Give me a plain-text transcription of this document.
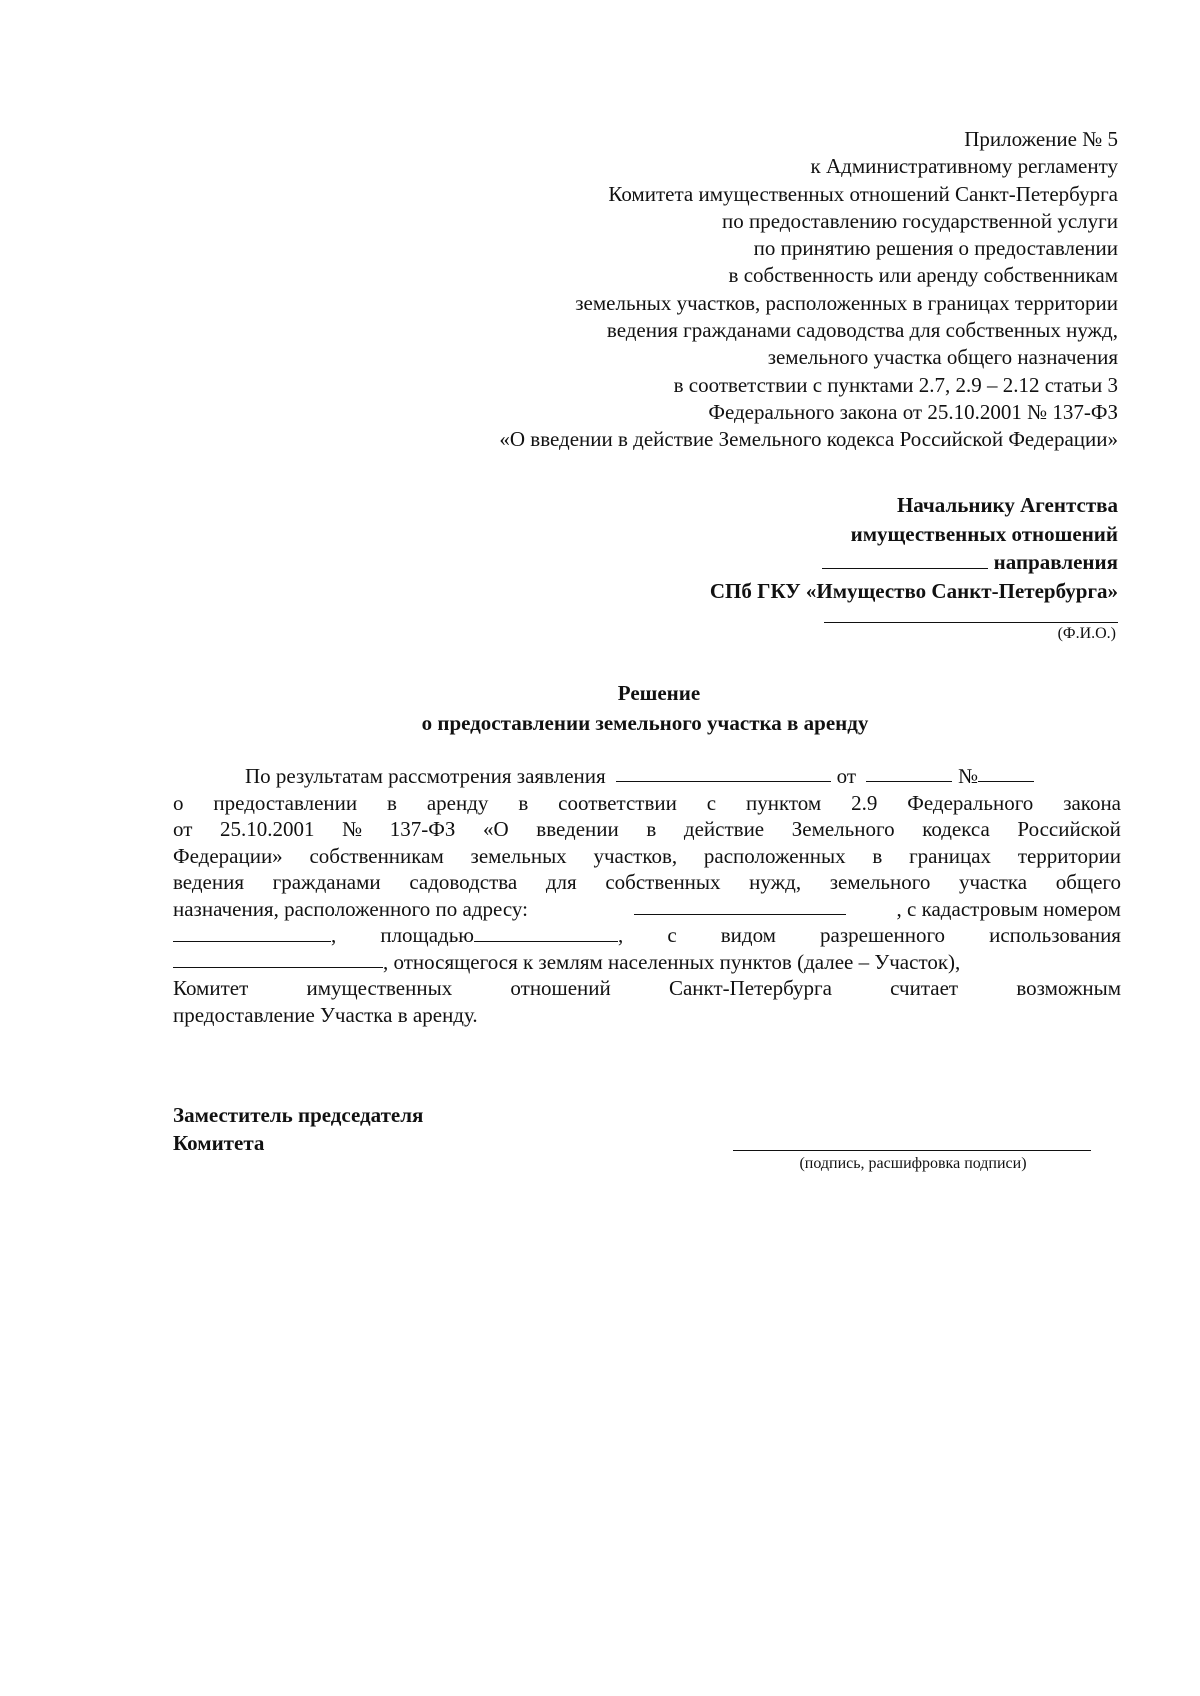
Приложение № 5
к Административному регламенту
Комитета имущественных отношений Санкт-Петербурга
по предоставлению государственной услуги
по принятию решения о предоставлении
в собственность или аренду собственникам
земельных участков, расположенных в границах территории
ведения гражданами садоводства для собственных нужд,
земельного участка общего назначения
в соответствии с пунктами 2.7, 2.9 – 2.12 статьи 3
Федерального закона от 25.10.2001 № 137-ФЗ
«О введении в действие Земельного кодекса Российской Федерации»
Начальнику Агентства
имущественных отношений
направления
СПб ГКУ «Имущество Санкт-Петербурга»
(Ф.И.О.)
Решение
о предоставлении земельного участка в аренду
По результатам рассмотрения заявления	от	№
о предоставлении в аренду в соответствии с пунктом 2.9 Федерального закона
от 25.10.2001 № 137-ФЗ «О введении в действие Земельного кодекса Российской
Федерации» собственникам земельных участков, расположенных в границах территории
ведения гражданами садоводства для собственных нужд, земельного участка общего
назначения, расположенного по адресу:	, с кадастровым номером
, площадью	, с видом разрешенного использования
, относящегося к землям населенных пунктов (далее – Участок),
Комитет	имущественных	отношений	Санкт-Петербурга	считает	возможным
предоставление Участка в аренду.
Заместитель председателя
Комитета
(подпись, расшифровка подписи)
